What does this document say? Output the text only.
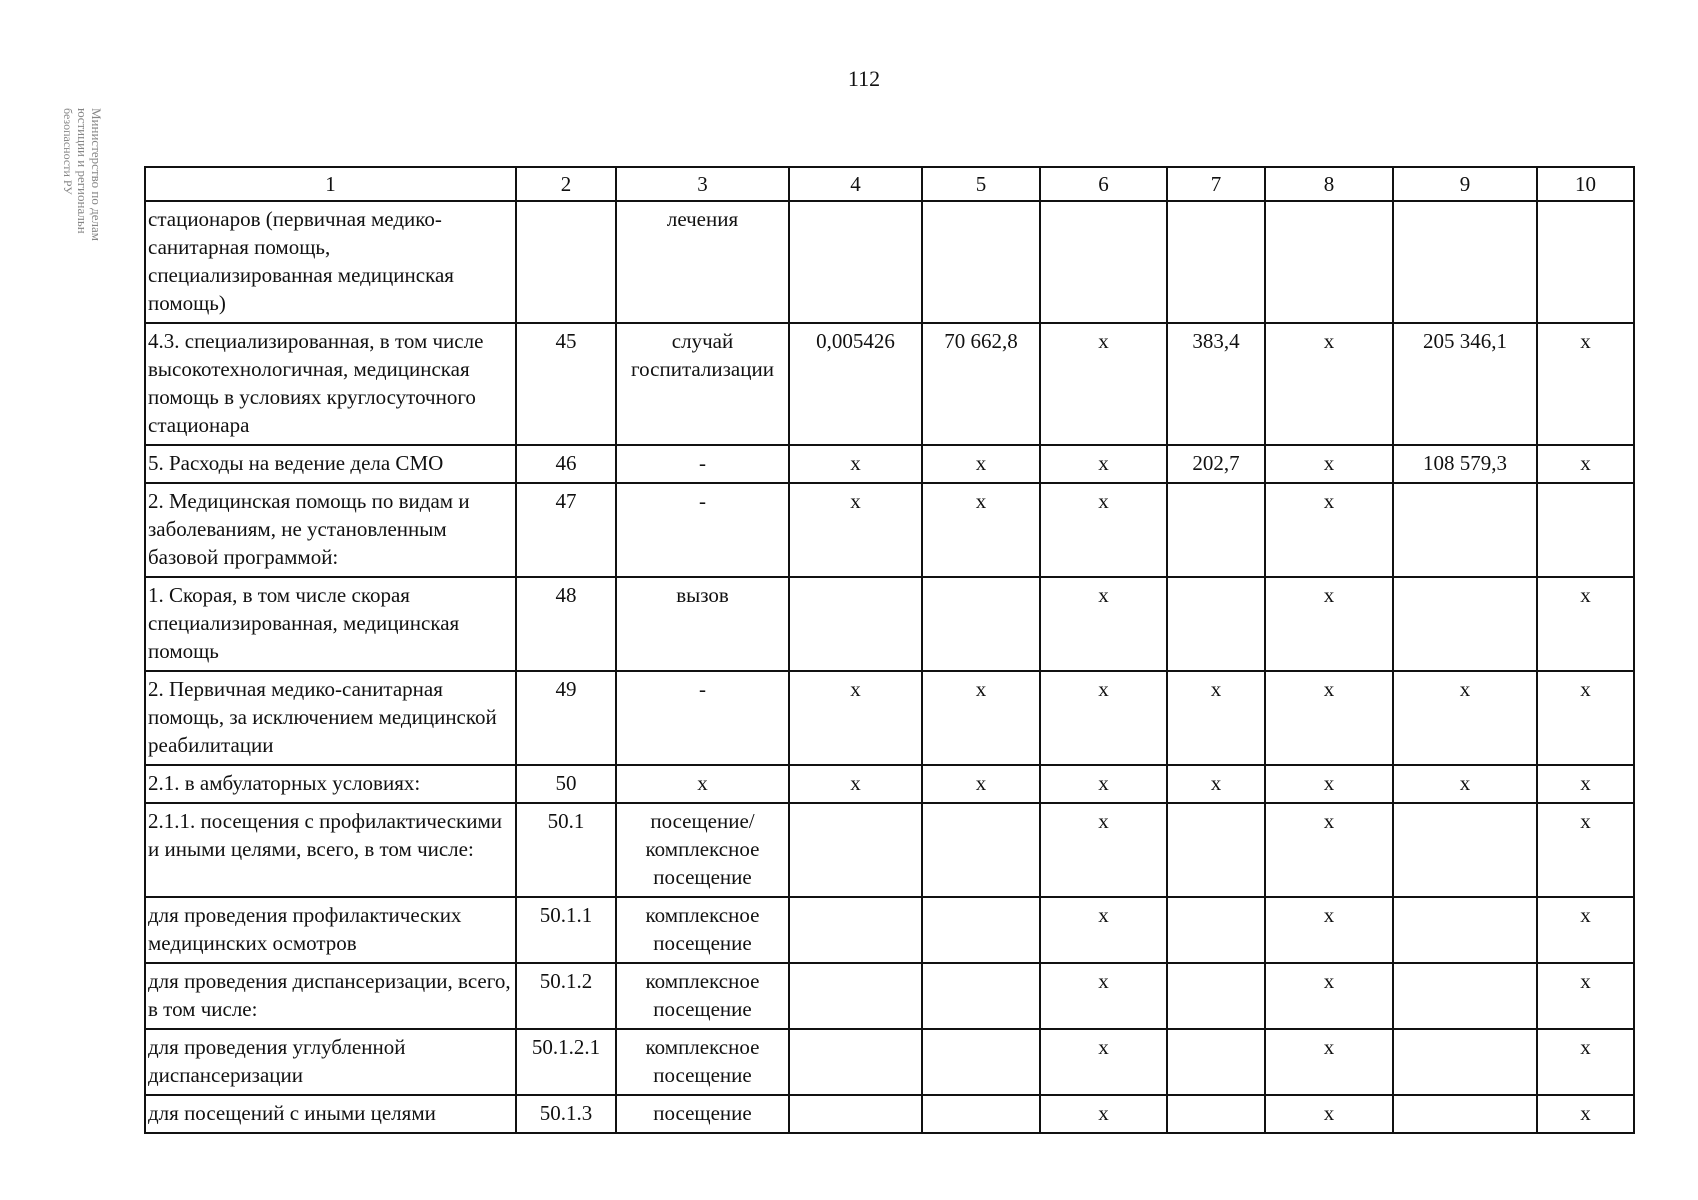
112
Министерство по делам
юстиции и региональн
безопасности РУ	1	2	3	4	5	6	7	8	9	10
стационаров (первичная медико-санитарная помощь, специализированная медицинская помощь)		лечения							
4.3. специализированная, в том числе высокотехнологичная, медицинская помощь в условиях круглосуточного стационара	45	случай госпитализации	0,005426	70 662,8	х	383,4	х	205 346,1	х
5. Расходы на ведение дела СМО	46	-	х	х	х	202,7	х	108 579,3	х
2. Медицинская помощь по видам и заболеваниям, не установленным базовой программой:	47	-	х	х	х		х		
1. Скорая, в том числе скорая специализированная, медицинская помощь	48	вызов			х		х		х
2. Первичная медико-санитарная помощь, за исключением медицинской реабилитации	49	-	х	х	х	х	х	х	х
2.1. в амбулаторных условиях:	50	х	х	х	х	х	х	х	х
2.1.1. посещения с профилактическими и иными целями, всего, в том числе:	50.1	посещение/ комплексное посещение			х		х		х
для проведения профилактических медицинских осмотров	50.1.1	комплексное посещение			х		х		х
для проведения диспансеризации, всего, в том числе:	50.1.2	комплексное посещение			х		х		х
для проведения углубленной диспансеризации	50.1.2.1	комплексное посещение			х		х		х
для посещений с иными целями	50.1.3	посещение			х		х		х
